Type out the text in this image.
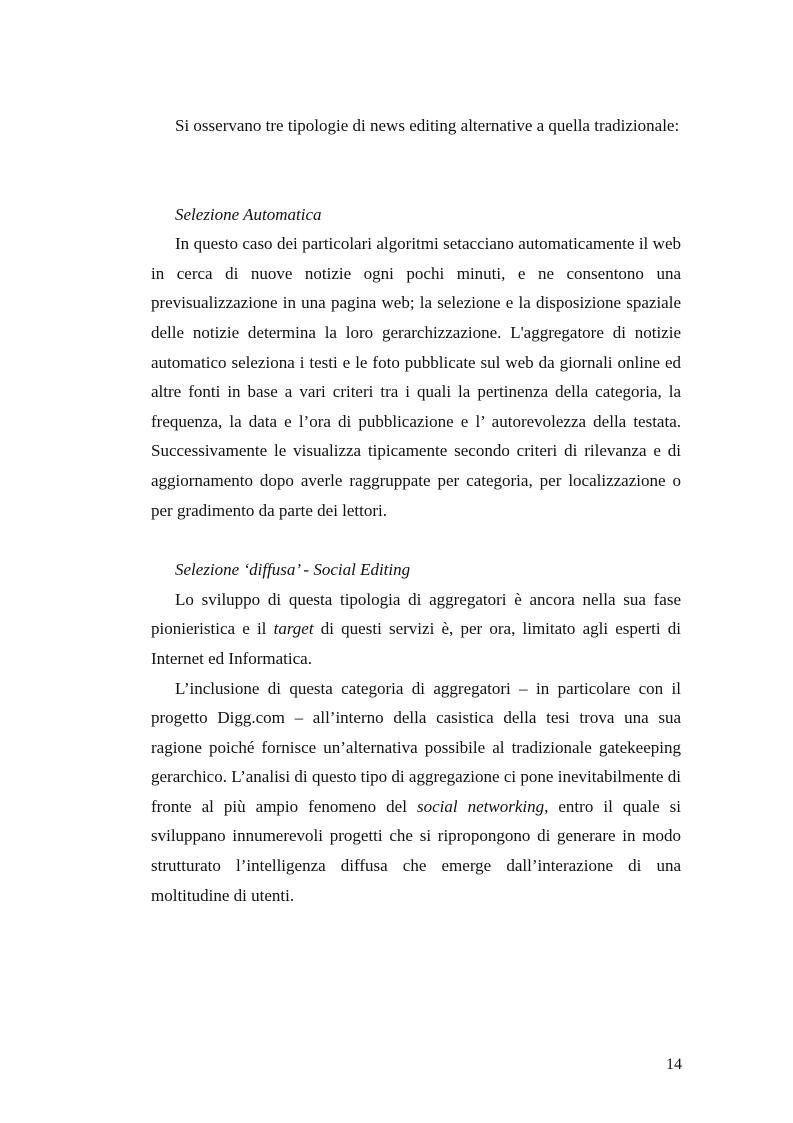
Si osservano tre tipologie di news editing alternative a quella tradizionale:

Selezione Automatica

In questo caso dei particolari algoritmi setacciano automaticamente il web in cerca di nuove notizie ogni pochi minuti, e ne consentono una previsualizzazione in una pagina web; la selezione e la disposizione spaziale delle notizie determina la loro gerarchizzazione. L'aggregatore di notizie automatico seleziona i testi e le foto pubblicate sul web da giornali online ed altre fonti in base a vari criteri tra i quali la pertinenza della categoria, la frequenza, la data e l’ora di pubblicazione e l’ autorevolezza della testata. Successivamente le visualizza tipicamente secondo criteri di rilevanza e di aggiornamento dopo averle raggruppate per categoria, per localizzazione o per gradimento da parte dei lettori.

Selezione ‘diffusa’ - Social Editing

Lo sviluppo di questa tipologia di aggregatori è ancora nella sua fase pionieristica e il target di questi servizi è, per ora, limitato agli esperti di Internet ed Informatica.

L’inclusione di questa categoria di aggregatori – in particolare con il progetto Digg.com – all’interno della casistica della tesi trova una sua ragione poiché fornisce un’alternativa possibile al tradizionale gatekeeping gerarchico. L’analisi di questo tipo di aggregazione ci pone inevitabilmente di fronte al più ampio fenomeno del social networking, entro il quale si sviluppano innumerevoli progetti che si ripropongono di generare in modo strutturato l’intelligenza diffusa che emerge dall’interazione di una moltitudine di utenti.

14
